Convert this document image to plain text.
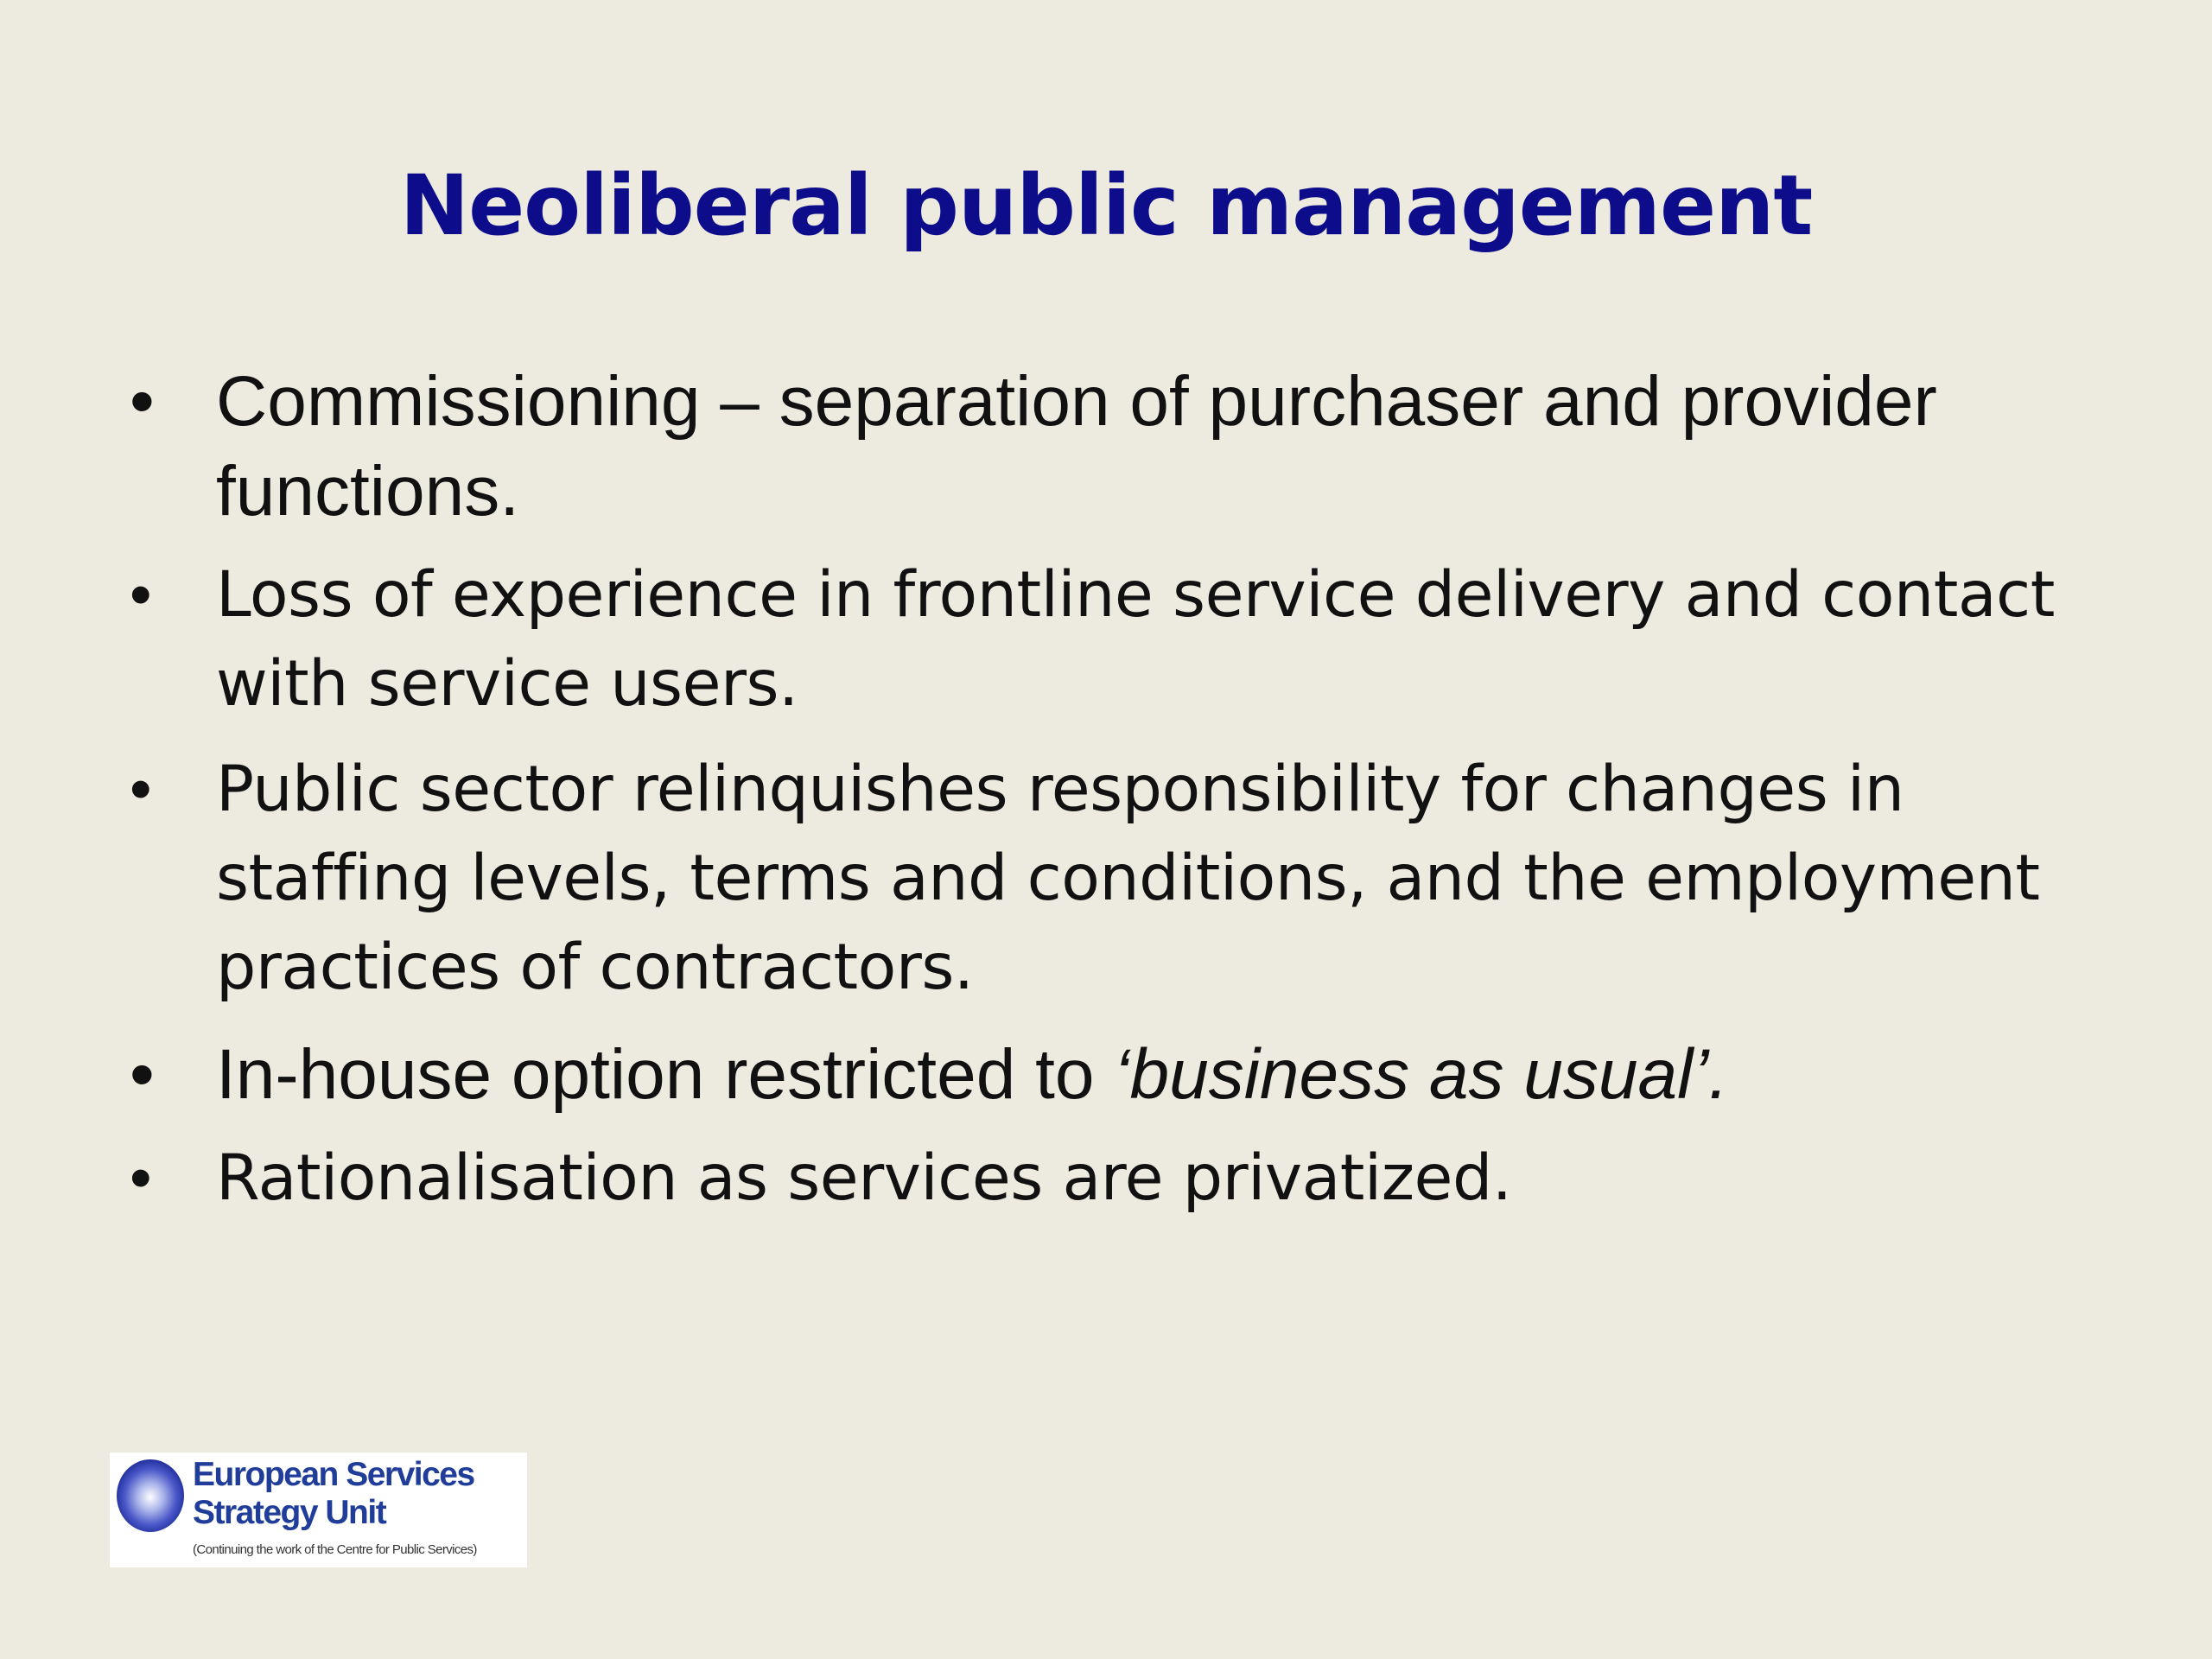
Neoliberal public management
• Commissioning – separation of purchaser and provider functions.
• Loss of experience in frontline service delivery and contact with service users.
• Public sector relinquishes responsibility for changes in staffing levels, terms and conditions, and the employment practices of contractors.
• In-house option restricted to ‘business as usual’.
• Rationalisation as services are privatized.
European Services
Strategy Unit
(Continuing the work of the Centre for Public Services)
